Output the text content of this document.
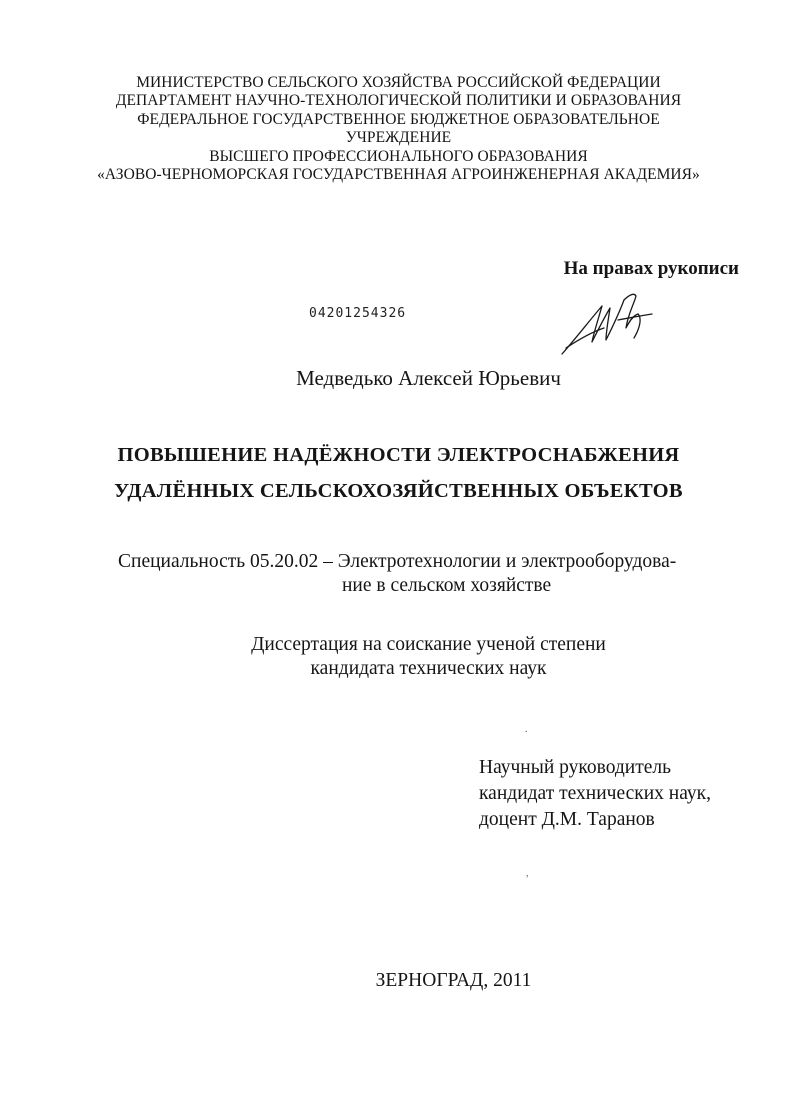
МИНИСТЕРСТВО СЕЛЬСКОГО ХОЗЯЙСТВА РОССИЙСКОЙ ФЕДЕРАЦИИ
ДЕПАРТАМЕНТ НАУЧНО-ТЕХНОЛОГИЧЕСКОЙ ПОЛИТИКИ И ОБРАЗОВАНИЯ
ФЕДЕРАЛЬНОЕ ГОСУДАРСТВЕННОЕ БЮДЖЕТНОЕ ОБРАЗОВАТЕЛЬНОЕ
УЧРЕЖДЕНИЕ
ВЫСШЕГО ПРОФЕССИОНАЛЬНОГО ОБРАЗОВАНИЯ
«АЗОВО-ЧЕРНОМОРСКАЯ ГОСУДАРСТВЕННАЯ АГРОИНЖЕНЕРНАЯ АКАДЕМИЯ»
На правах рукописи
04201254326
Медведько Алексей Юрьевич
ПОВЫШЕНИЕ НАДЁЖНОСТИ ЭЛЕКТРОСНАБЖЕНИЯ
УДАЛЁННЫХ СЕЛЬСКОХОЗЯЙСТВЕННЫХ ОБЪЕКТОВ
Специальность 05.20.02 – Электротехнологии и электрооборудова-
ние в сельском хозяйстве
Диссертация на соискание ученой степени
кандидата технических наук
.
Научный руководитель
кандидат технических наук,
доцент Д.М. Таранов
,
ЗЕРНОГРАД, 2011
